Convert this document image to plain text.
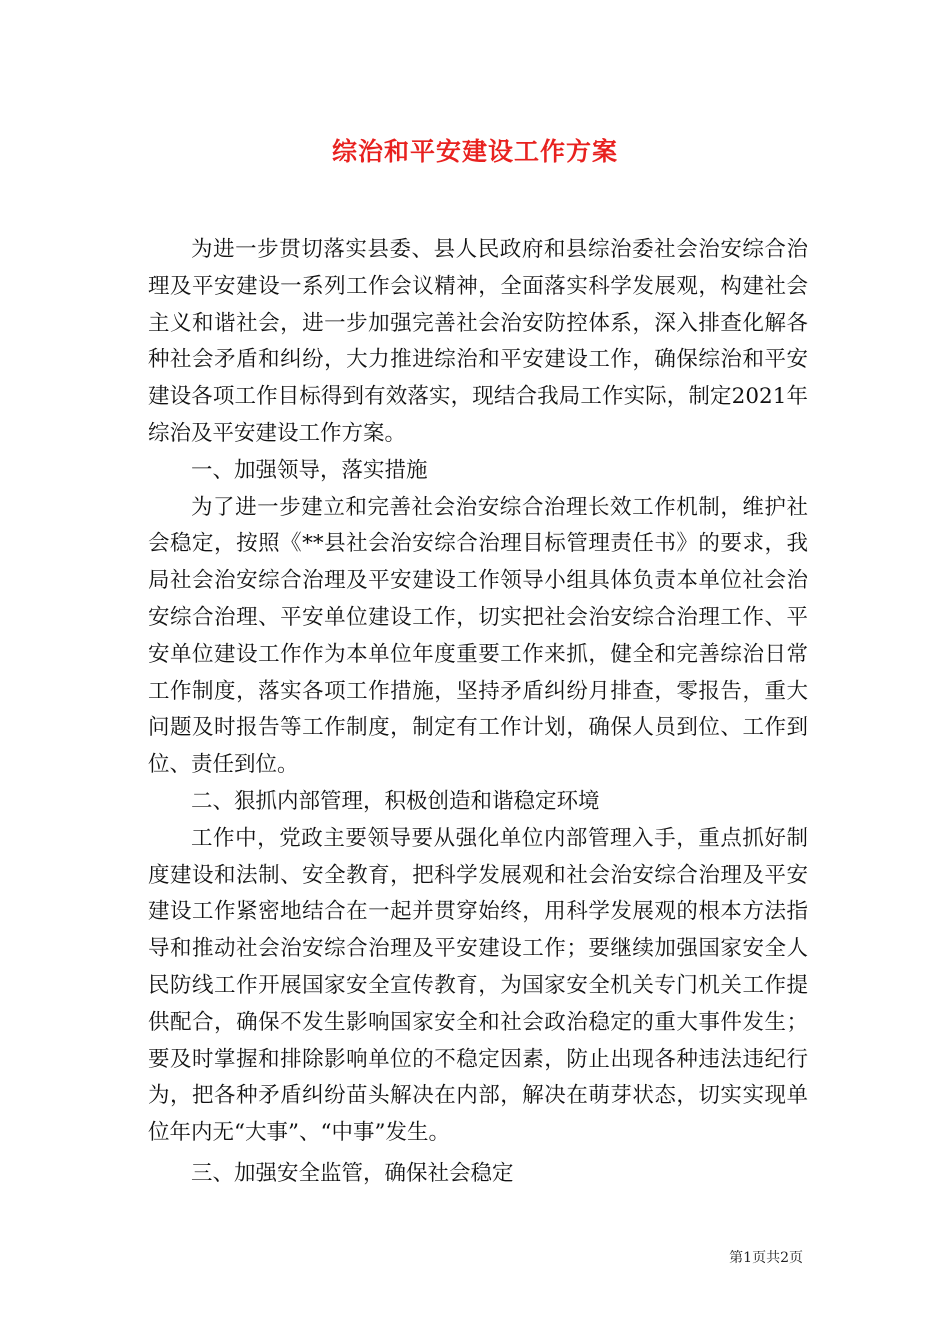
综治和平安建设工作方案

为进一步贯切落实县委、县人民政府和县综治委社会治安综合治理及平安建设一系列工作会议精神，全面落实科学发展观，构建社会主义和谐社会，进一步加强完善社会治安防控体系，深入排查化解各种社会矛盾和纠纷，大力推进综治和平安建设工作，确保综治和平安建设各项工作目标得到有效落实，现结合我局工作实际，制定2021年综治及平安建设工作方案。

一、加强领导，落实措施

为了进一步建立和完善社会治安综合治理长效工作机制，维护社会稳定，按照《**县社会治安综合治理目标管理责任书》的要求，我局社会治安综合治理及平安建设工作领导小组具体负责本单位社会治安综合治理、平安单位建设工作，切实把社会治安综合治理工作、平安单位建设工作作为本单位年度重要工作来抓，健全和完善综治日常工作制度，落实各项工作措施，坚持矛盾纠纷月排查，零报告，重大问题及时报告等工作制度，制定有工作计划，确保人员到位、工作到位、责任到位。

二、狠抓内部管理，积极创造和谐稳定环境

工作中，党政主要领导要从强化单位内部管理入手，重点抓好制度建设和法制、安全教育，把科学发展观和社会治安综合治理及平安建设工作紧密地结合在一起并贯穿始终，用科学发展观的根本方法指导和推动社会治安综合治理及平安建设工作；要继续加强国家安全人民防线工作开展国家安全宣传教育，为国家安全机关专门机关工作提供配合，确保不发生影响国家安全和社会政治稳定的重大事件发生；要及时掌握和排除影响单位的不稳定因素，防止出现各种违法违纪行为，把各种矛盾纠纷苗头解决在内部，解决在萌芽状态，切实实现单位年内无“大事”、“中事”发生。

三、加强安全监管，确保社会稳定

第1页共2页
